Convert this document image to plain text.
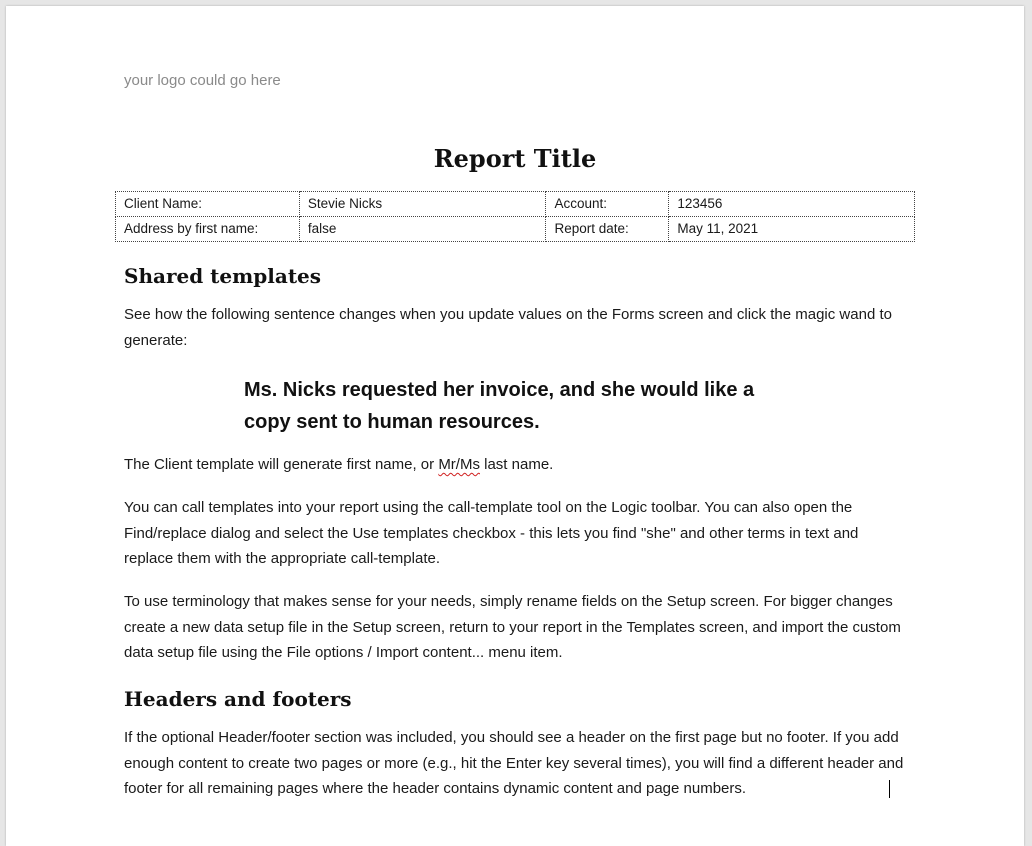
your logo could go here
Report Title
Client Name:	Stevie Nicks	Account:	123456
Address by first name:	false	Report date:	May 11, 2021
Shared templates
See how the following sentence changes when you update values on the Forms screen and click the magic wand to generate:
Ms. Nicks requested her invoice, and she would like a copy sent to human resources.
The Client template will generate first name, or Mr/Ms last name.
You can call templates into your report using the call-template tool on the Logic toolbar. You can also open the Find/replace dialog and select the Use templates checkbox - this lets you find "she" and other terms in text and replace them with the appropriate call-template.
To use terminology that makes sense for your needs, simply rename fields on the Setup screen. For bigger changes create a new data setup file in the Setup screen, return to your report in the Templates screen, and import the custom data setup file using the File options / Import content... menu item.
Headers and footers
If the optional Header/footer section was included, you should see a header on the first page but no footer. If you add enough content to create two pages or more (e.g., hit the Enter key several times), you will find a different header and footer for all remaining pages where the header contains dynamic content and page numbers.
